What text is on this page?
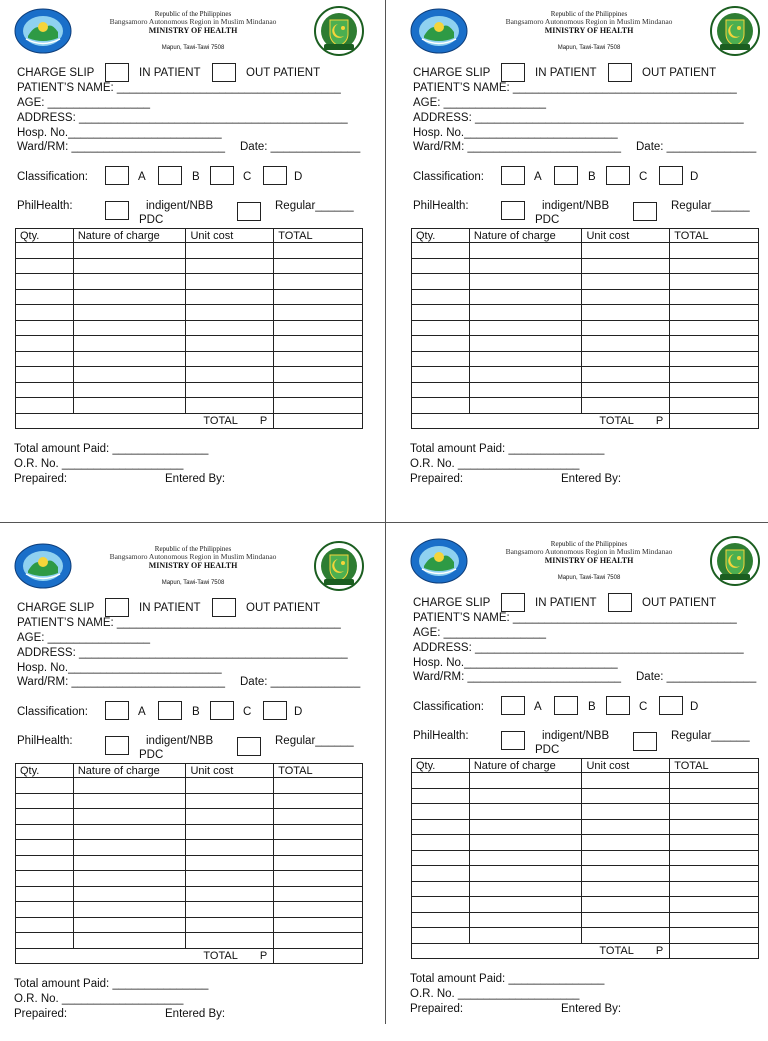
Republic of the Philippines
Bangsamoro Autonomous Region in Muslim Mindanao
MINISTRY OF HEALTH
Mapun, Tawi-Tawi 7508
CHARGE SLIP	IN PATIENT	OUT PATIENT
PATIENT’S NAME: ___________________________________
AGE: ________________
ADDRESS: __________________________________________
Hosp. No.________________________
Ward/RM: ________________________ Date: ______________
Classification:	A	B	C	D
PhilHealth:	indigent/NBB
PDC
Regular______
Qty.	Nature of charge	Unit cost	TOTAL

TOTAL P			
Total amount Paid: _______________
O.R. No. ___________________
Prepaired:	Entered By:
Republic of the Philippines
Bangsamoro Autonomous Region in Muslim Mindanao
MINISTRY OF HEALTH
Mapun, Tawi-Tawi 7508
CHARGE SLIP	IN PATIENT	OUT PATIENT
PATIENT’S NAME: ___________________________________
AGE: ________________
ADDRESS: __________________________________________
Hosp. No.________________________
Ward/RM: ________________________ Date: ______________
Classification:	A	B	C	D
PhilHealth:	indigent/NBB
PDC
Regular______
Qty.	Nature of charge	Unit cost	TOTAL

TOTAL P			
Total amount Paid: _______________
O.R. No. ___________________
Prepaired:	Entered By:
Republic of the Philippines
Bangsamoro Autonomous Region in Muslim Mindanao
MINISTRY OF HEALTH
Mapun, Tawi-Tawi 7508
CHARGE SLIP	IN PATIENT	OUT PATIENT
PATIENT’S NAME: ___________________________________
AGE: ________________
ADDRESS: __________________________________________
Hosp. No.________________________
Ward/RM: ________________________ Date: ______________
Classification:	A	B	C	D
PhilHealth:	indigent/NBB
PDC
Regular______
Qty.	Nature of charge	Unit cost	TOTAL

TOTAL P			
Total amount Paid: _______________
O.R. No. ___________________
Prepaired:	Entered By:
Republic of the Philippines
Bangsamoro Autonomous Region in Muslim Mindanao
MINISTRY OF HEALTH
Mapun, Tawi-Tawi 7508
CHARGE SLIP	IN PATIENT	OUT PATIENT
PATIENT’S NAME: ___________________________________
AGE: ________________
ADDRESS: __________________________________________
Hosp. No.________________________
Ward/RM: ________________________ Date: ______________
Classification:	A	B	C	D
PhilHealth:	indigent/NBB
PDC
Regular______
Qty.	Nature of charge	Unit cost	TOTAL

TOTAL P			
Total amount Paid: _______________
O.R. No. ___________________
Prepaired:	Entered By:
